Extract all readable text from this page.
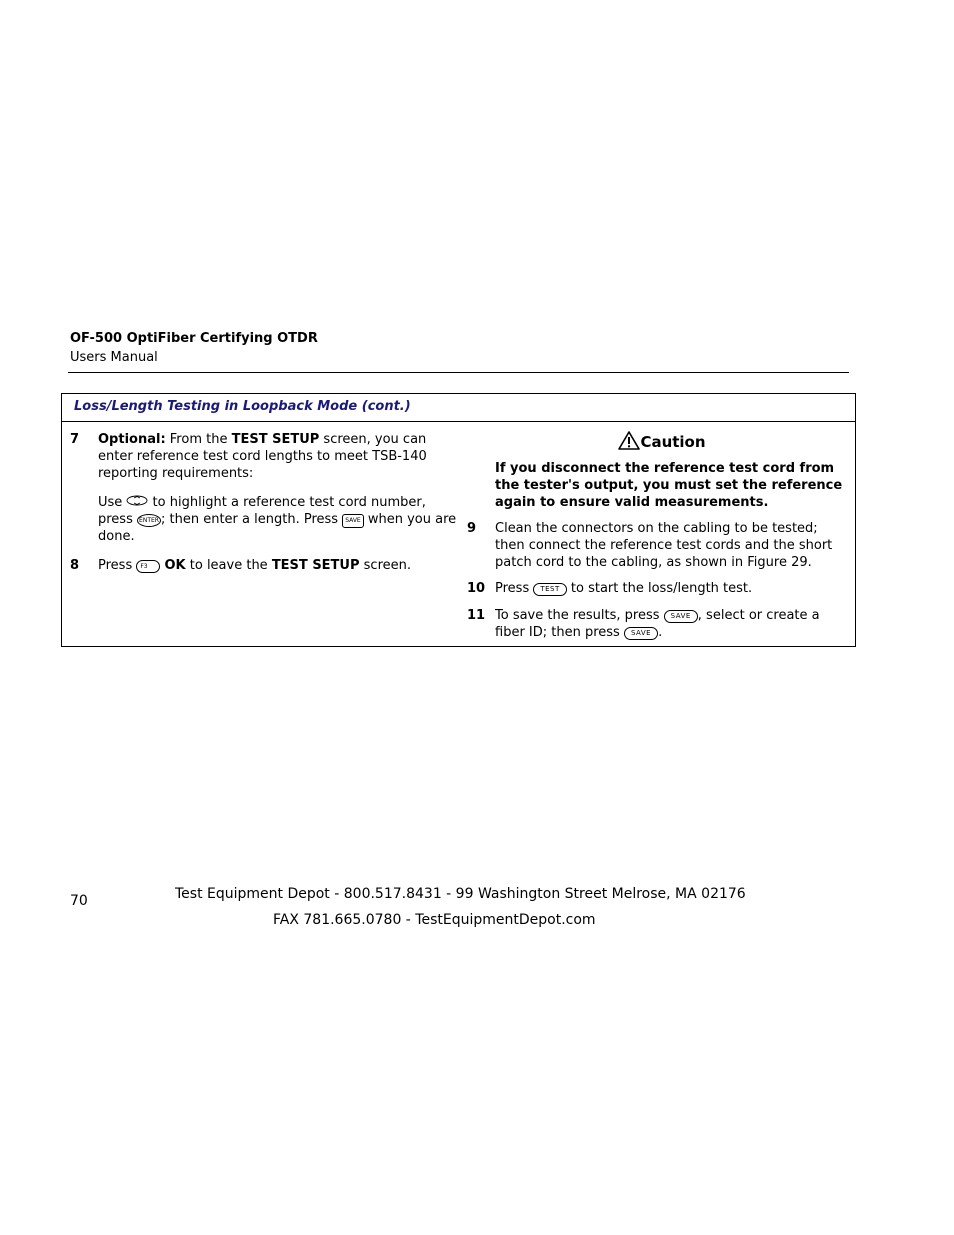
OF-500 OptiFiber Certifying OTDR
Users Manual
Loss/Length Testing in Loopback Mode (cont.)
7 Optional: From the TEST SETUP screen, you can enter reference test cord lengths to meet TSB-140 reporting requirements:

Use  to highlight a reference test cord number, press ENTER ; then enter a length. Press SAVE when you are done.

8 Press F3 OK to leave the TEST SETUP screen.

Caution
If you disconnect the reference test cord from the tester's output, you must set the reference again to ensure valid measurements.
9 Clean the connectors on the cabling to be tested; then connect the reference test cords and the short patch cord to the cabling, as shown in Figure 29.

10 Press TEST to start the loss/length test.

11 To save the results, press SAVE , select or create a fiber ID; then press SAVE .

70	Test Equipment Depot - 800.517.8431 - 99 Washington Street Melrose, MA 02176
FAX 781.665.0780 - TestEquipmentDepot.com
